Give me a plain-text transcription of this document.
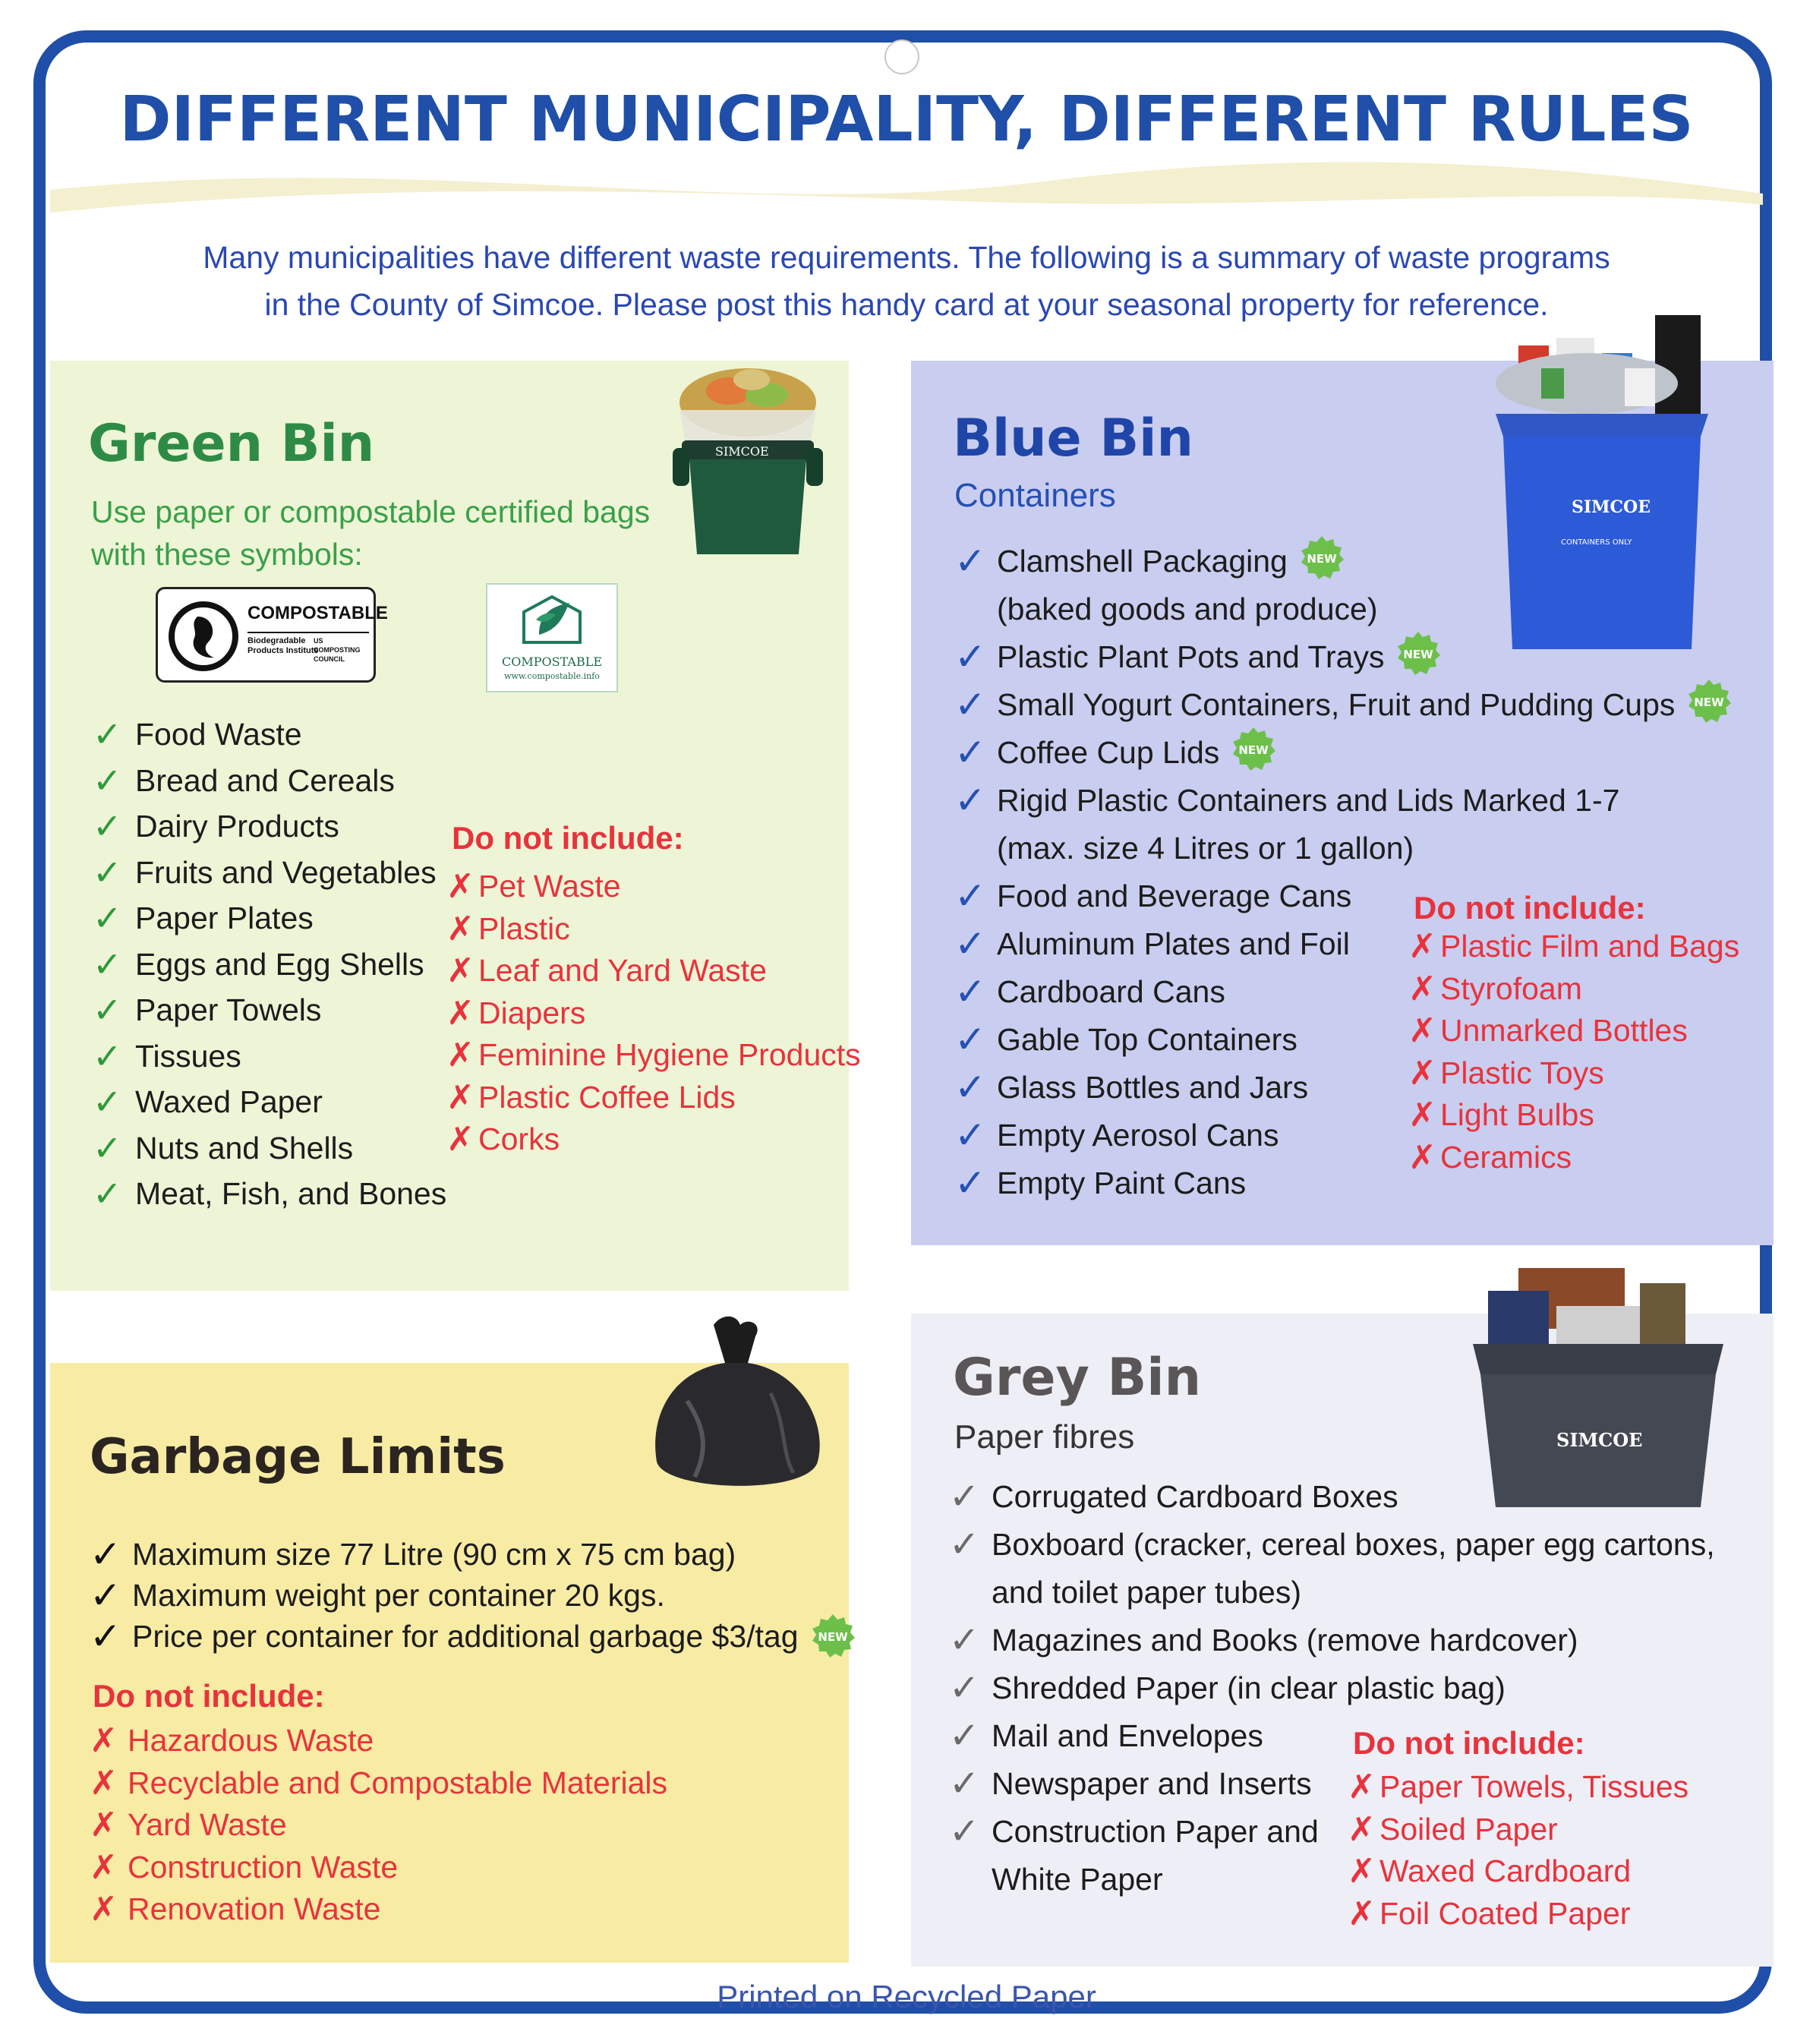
DIFFERENT MUNICIPALITY, DIFFERENT RULES

Many municipalities have different waste requirements. The following is a summary of waste programs

in the County of Simcoe. Please post this handy card at your seasonal property for reference.

Green Bin

Use paper or compostable certified bags

with these symbols:

SIMCOE
COMPOSTABLE
Biodegradable
Products Institute
US COMPOSTING COUNCIL	COMPOSTABLE
www.compostable.info
✓ Food Waste
✓ Bread and Cereals
✓ Dairy Products
✓ Fruits and Vegetables
✓ Paper Plates
✓ Eggs and Egg Shells
✓ Paper Towels
✓ Tissues
✓ Waxed Paper
✓ Nuts and Shells
✓ Meat, Fish, and Bones

Do not include:

✗ Pet Waste
✗ Plastic
✗ Leaf and Yard Waste
✗ Diapers
✗ Feminine Hygiene Products
✗ Plastic Coffee Lids
✗ Corks
Blue Bin

Containers	SIMCOE
CONTAINERS ONLY
✓ Clamshell Packaging NEW
(baked goods and produce)
✓ Plastic Plant Pots and Trays NEW
✓ Small Yogurt Containers, Fruit and Pudding Cups NEW
✓ Coffee Cup Lids NEW
✓ Rigid Plastic Containers and Lids Marked 1-7
(max. size 4 Litres or 1 gallon)
✓ Food and Beverage Cans
✓ Aluminum Plates and Foil
✓ Cardboard Cans
✓ Gable Top Containers
✓ Glass Bottles and Jars
✓ Empty Aerosol Cans
✓ Empty Paint Cans

Do not include:

✗ Plastic Film and Bags
✗ Styrofoam
✗ Unmarked Bottles
✗ Plastic Toys
✗ Light Bulbs
✗ Ceramics
Garbage Limits
✓ Maximum size 77 Litre (90 cm x 75 cm bag)
✓ Maximum weight per container 20 kgs.
✓ Price per container for additional garbage $3/tag NEW

Do not include:

✗ Hazardous Waste
✗ Recyclable and Compostable Materials
✗ Yard Waste
✗ Construction Waste
✗ Renovation Waste
Grey Bin

Paper fibres	SIMCOE
✓ Corrugated Cardboard Boxes
✓ Boxboard (cracker, cereal boxes, paper egg cartons,
and toilet paper tubes)
✓ Magazines and Books (remove hardcover)
✓ Shredded Paper (in clear plastic bag)
✓ Mail and Envelopes
✓ Newspaper and Inserts
✓ Construction Paper and
White Paper

Do not include:

✗ Paper Towels, Tissues
✗ Soiled Paper
✗ Waxed Cardboard
✗ Foil Coated Paper
Printed on Recycled Paper
